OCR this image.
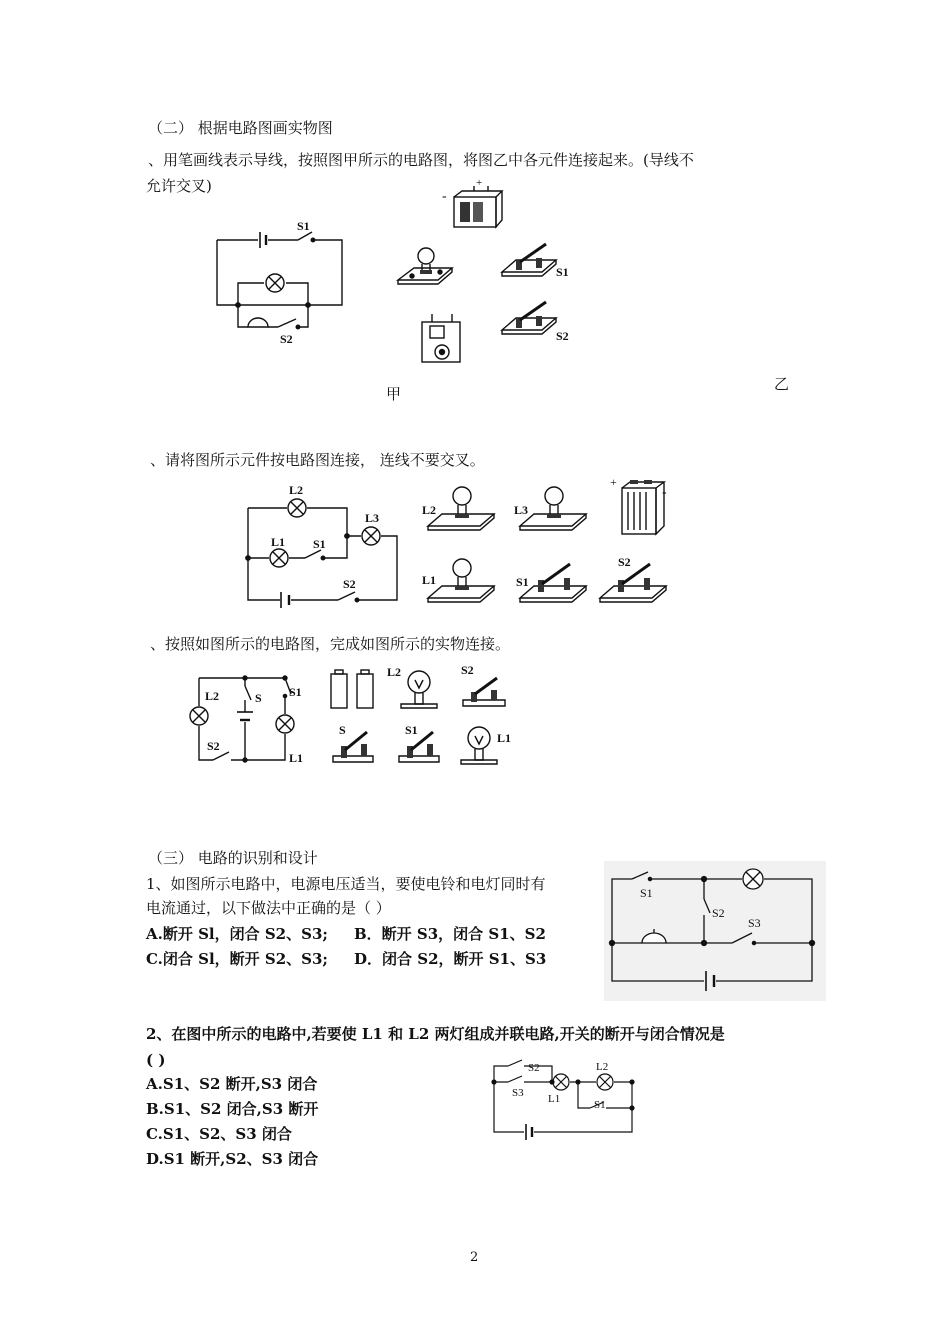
（二） 根据电路图画实物图
、用笔画线表示导线，按照图甲所示的电路图，将图乙中各元件连接起来。(导线不
允许交叉)
S1
S2
-
+
S1
S2
甲
乙
、请将图所示元件按电路图连接， 连线不要交叉。
L2
L3
L1 S1
S2
L2	L3
+
-
L1	S1
S2
、按照如图所示的电路图，完成如图所示的实物连接。
L2	S S1
S2
L1
L2	S2
S	S1
L1
（三） 电路的识别和设计
1、如图所示电路中，电源电压适当，要使电铃和电灯同时有
电流通过，以下做法中正确的是（ ）
A.断开 Sl，闭合 S2、S3; B．断开 S3，闭合 S1、S2
C.闭合 Sl，断开 S2、S3; D．闭合 S2，断开 S1、S3
S1
S2
S3
2、在图中所示的电路中,若要使 L1 和 L2 两灯组成并联电路,开关的断开与闭合情况是
( )
A.S1、S2 断开,S3 闭合
B.S1、S2 闭合,S3 断开
C.S1、S2、S3 闭合
D.S1 断开,S2、S3 闭合
S2
S3 L1
L2
S1
2
